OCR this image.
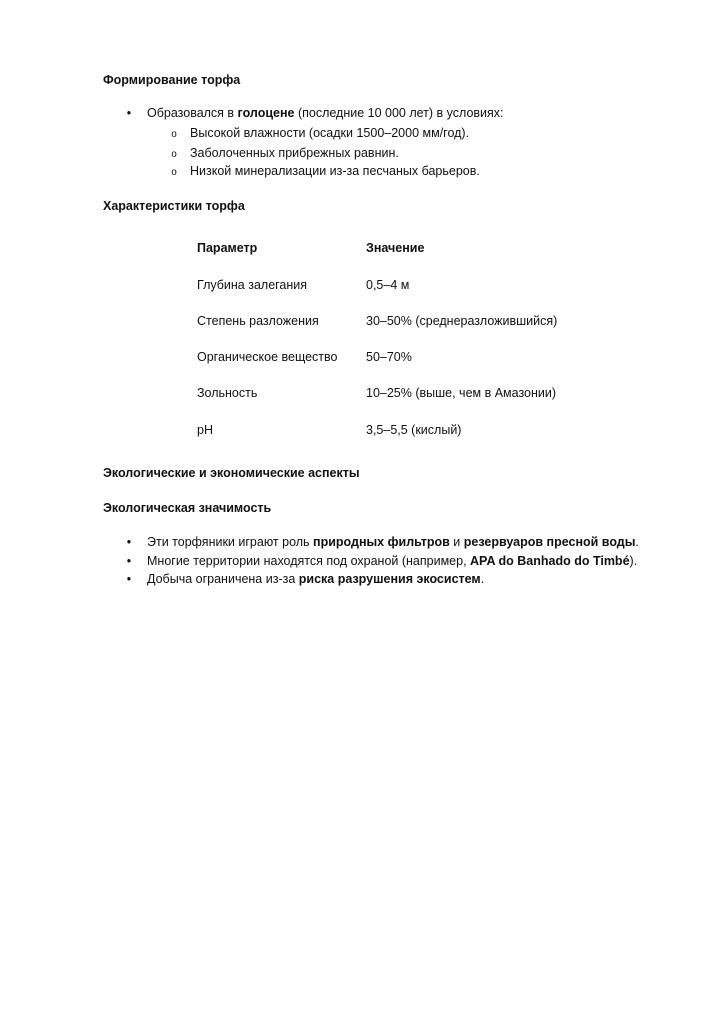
Формирование торфа

•	Образовался в голоцене (последние 10 000 лет) в условиях:
o	Высокой влажности (осадки 1500–2000 мм/год).
o	Заболоченных прибрежных равнин.
o	Низкой минерализации из-за песчаных барьеров.

Характеристики торфа

Параметр	Значение
Глубина залегания	0,5–4 м
Степень разложения	30–50% (среднеразложившийся)
Органическое вещество 50–70%
Зольность	10–25% (выше, чем в Амазонии)
pH	3,5–5,5 (кислый)

Экологические и экономические аспекты

Экологическая значимость

•	Эти торфяники играют роль природных фильтров и резервуаров пресной воды.
•	Многие территории находятся под охраной (например, APA do Banhado do Timbé).
•	Добыча ограничена из-за риска разрушения экосистем.
